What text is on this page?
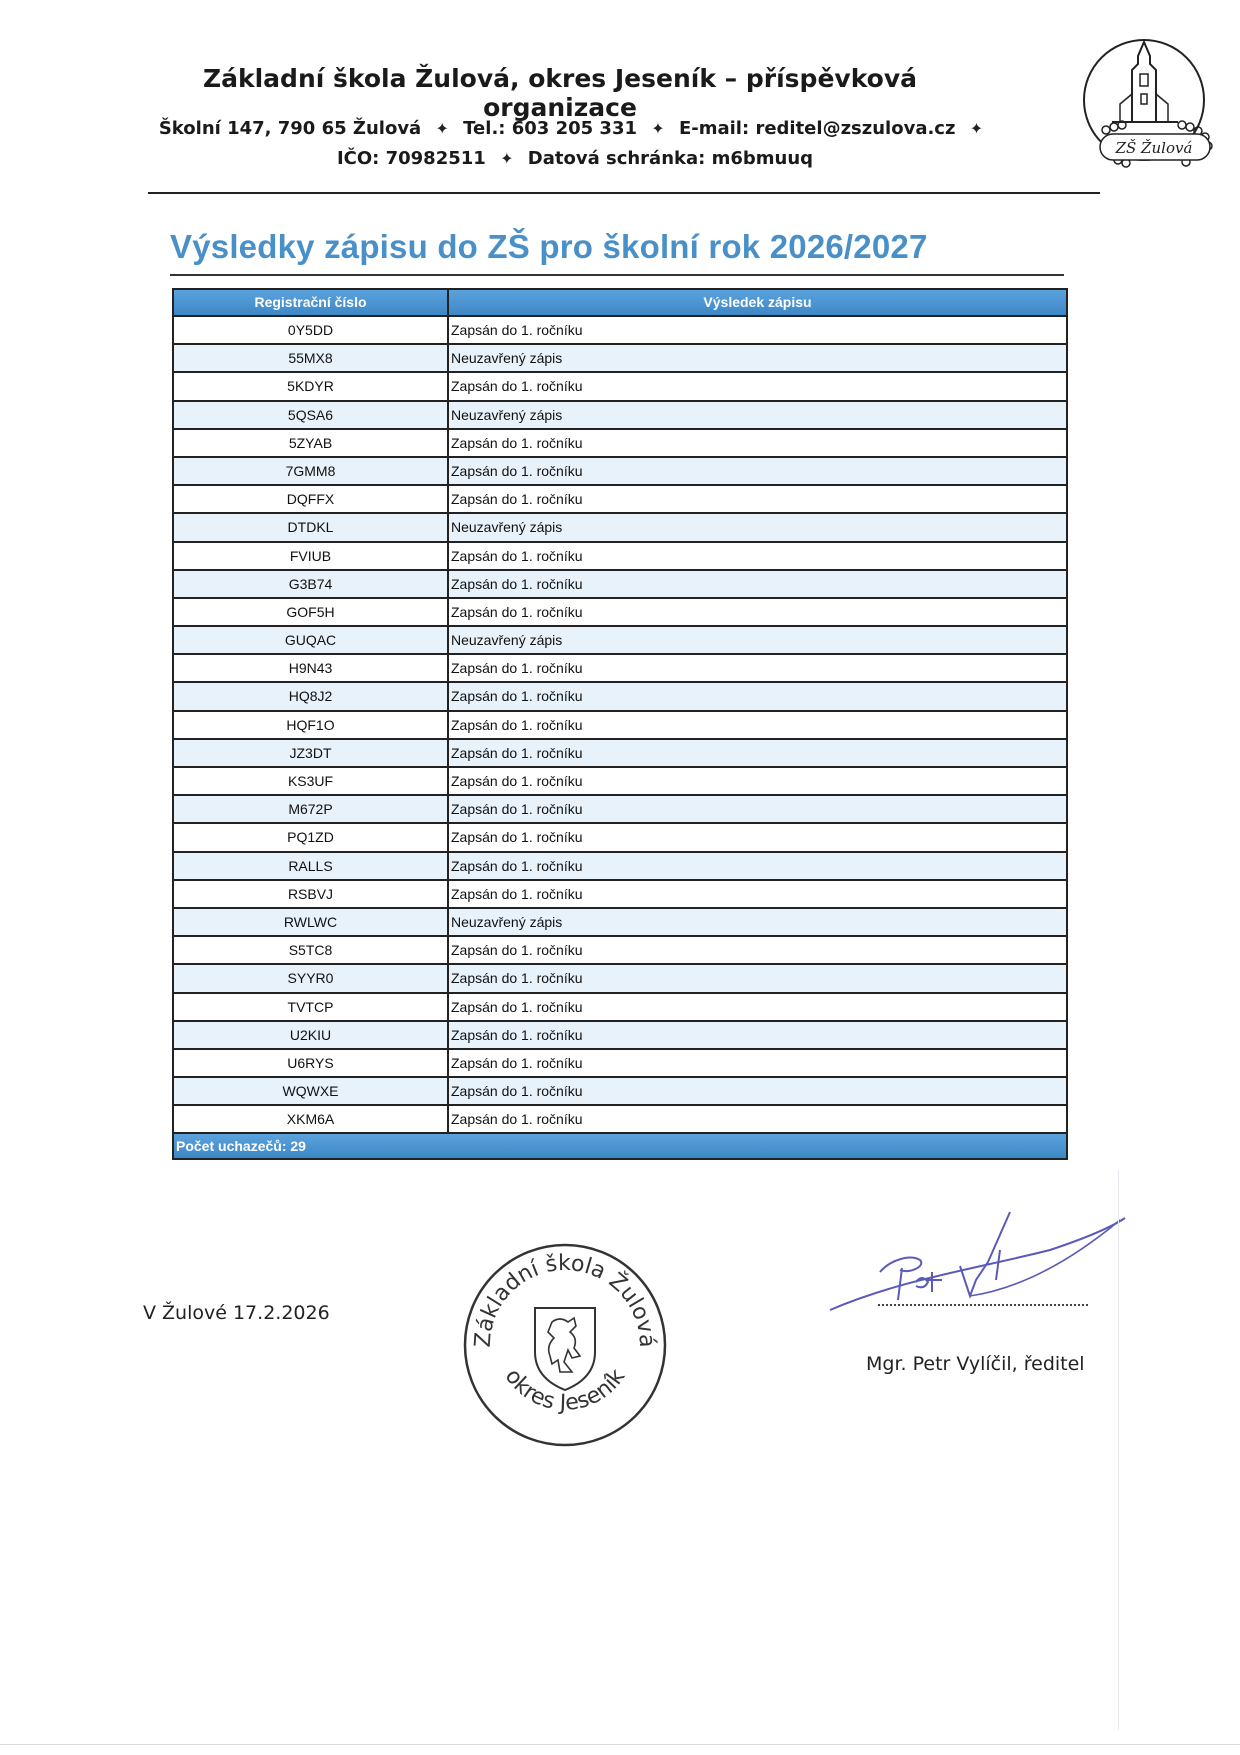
Základní škola Žulová, okres Jeseník – příspěvková organizace
Školní 147, 790 65 Žulová ✦ Tel.: 603 205 331 ✦ E-mail: reditel@zszulova.cz ✦
IČO: 70982511 ✦ Datová schránka: m6bmuuq	ZŠ Žulová
Výsledky zápisu do ZŠ pro školní rok 2026/2027
Registrační číslo	Výsledek zápisu
0Y5DD	Zapsán do 1. ročníku
55MX8	Neuzavřený zápis
5KDYR	Zapsán do 1. ročníku
5QSA6	Neuzavřený zápis
5ZYAB	Zapsán do 1. ročníku
7GMM8	Zapsán do 1. ročníku
DQFFX	Zapsán do 1. ročníku
DTDKL	Neuzavřený zápis
FVIUB	Zapsán do 1. ročníku
G3B74	Zapsán do 1. ročníku
GOF5H	Zapsán do 1. ročníku
GUQAC	Neuzavřený zápis
H9N43	Zapsán do 1. ročníku
HQ8J2	Zapsán do 1. ročníku
HQF1O	Zapsán do 1. ročníku
JZ3DT	Zapsán do 1. ročníku
KS3UF	Zapsán do 1. ročníku
M672P	Zapsán do 1. ročníku
PQ1ZD	Zapsán do 1. ročníku
RALLS	Zapsán do 1. ročníku
RSBVJ	Zapsán do 1. ročníku
RWLWC	Neuzavřený zápis
S5TC8	Zapsán do 1. ročníku
SYYR0	Zapsán do 1. ročníku
TVTCP	Zapsán do 1. ročníku
U2KIU	Zapsán do 1. ročníku
U6RYS	Zapsán do 1. ročníku
WQWXE	Zapsán do 1. ročníku
XKM6A	Zapsán do 1. ročníku
Počet uchazečů: 29
V Žulové 17.2.2026
Základní škola Žulová
okres Jeseník
Mgr. Petr Vylíčil, ředitel
